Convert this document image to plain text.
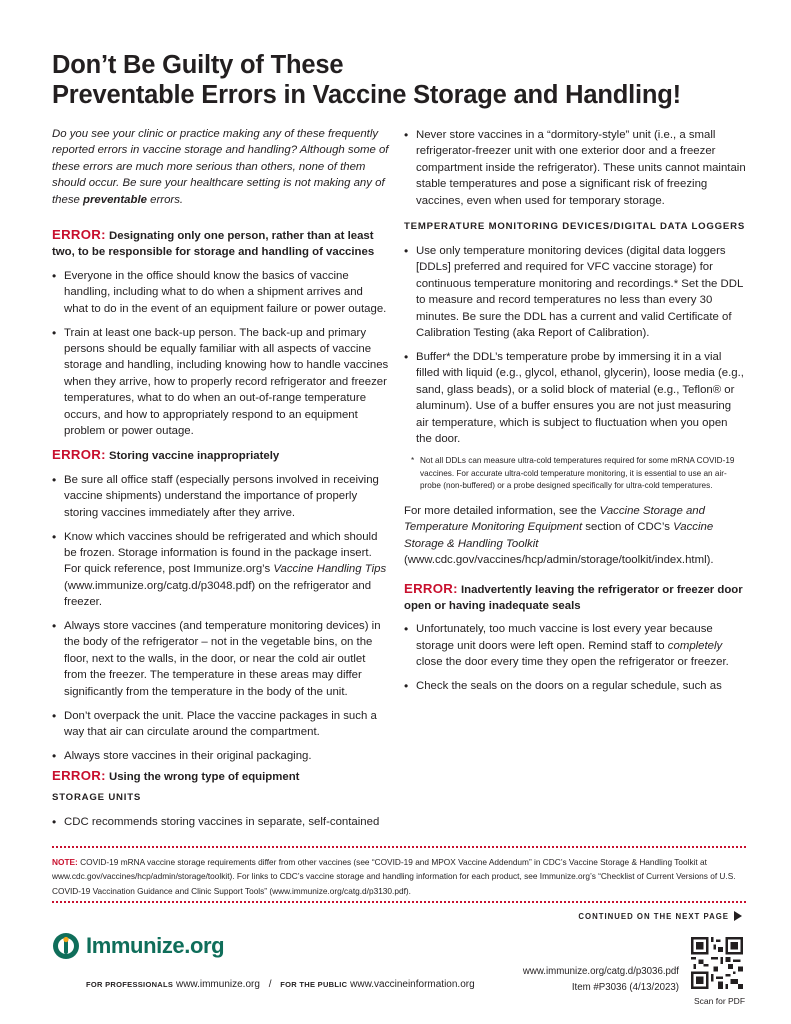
Don’t Be Guilty of These
Preventable Errors in Vaccine Storage and Handling!

Do you see your clinic or practice making any of these frequently reported errors in vaccine storage and handling? Although some of these errors are much more serious than others, none of them should occur. Be sure your healthcare setting is not making any of these preventable errors.

ERROR: Designating only one person, rather than at least two, to be responsible for storage and handling of vaccines

• Everyone in the office should know the basics of vaccine handling, including what to do when a shipment arrives and what to do in the event of an equipment failure or power outage.
• Train at least one back-up person. The back-up and primary persons should be equally familiar with all aspects of vaccine storage and handling, including knowing how to handle vaccines when they arrive, how to properly record refrigerator and freezer temperatures, what to do when an out-of-range temperature occurs, and how to appropriately respond to an equipment problem or power outage.

ERROR: Storing vaccine inappropriately

• Be sure all office staff (especially persons involved in receiving vaccine shipments) understand the importance of properly storing vaccines immediately after they arrive.
• Know which vaccines should be refrigerated and which should be frozen. Storage information is found in the package insert. For quick reference, post Immunize.org’s Vaccine Handling Tips (www.immunize.org/catg.d/p3048.pdf) on the refrigerator and freezer.
• Always store vaccines (and temperature monitoring devices) in the body of the refrigerator – not in the vegetable bins, on the floor, next to the walls, in the door, or near the cold air outlet from the freezer. The temperature in these areas may differ significantly from the temperature in the body of the unit.
• Don’t overpack the unit. Place the vaccine packages in such a way that air can circulate around the compartment.
• Always store vaccines in their original packaging.

ERROR: Using the wrong type of equipment

STORAGE UNITS

• CDC recommends storing vaccines in separate, self-contained

• Never store vaccines in a “dormitory-style” unit (i.e., a small refrigerator-freezer unit with one exterior door and a freezer compartment inside the refrigerator). These units cannot maintain stable temperatures and pose a significant risk of freezing vaccines, even when used for temporary storage.

TEMPERATURE MONITORING DEVICES/DIGITAL DATA LOGGERS

• Use only temperature monitoring devices (digital data loggers [DDLs] preferred and required for VFC vaccine storage) for continuous temperature monitoring and recordings.* Set the DDL to measure and record temperatures no less than every 30 minutes. Be sure the DDL has a current and valid Certificate of Calibration Testing (aka Report of Calibration).
• Buffer* the DDL’s temperature probe by immersing it in a vial filled with liquid (e.g., glycol, ethanol, glycerin), loose media (e.g., sand, glass beads), or a solid block of material (e.g., Teflon® or aluminum). Use of a buffer ensures you are not just measuring air temperature, which is subject to fluctuation when you open the door.

* Not all DDLs can measure ultra-cold temperatures required for some mRNA COVID-19 vaccines. For accurate ultra-cold temperature monitoring, it is essential to use an air-probe (non-buffered) or a probe designed specifically for ultra-cold temperatures.

For more detailed information, see the Vaccine Storage and Temperature Monitoring Equipment section of CDC’s Vaccine Storage & Handling Toolkit (www.cdc.gov/vaccines/hcp/admin/storage/toolkit/index.html).

ERROR: Inadvertently leaving the refrigerator or freezer door open or having inadequate seals

• Unfortunately, too much vaccine is lost every year because storage unit doors were left open. Remind staff to completely close the door every time they open the refrigerator or freezer.
• Check the seals on the doors on a regular schedule, such as

NOTE: COVID-19 mRNA vaccine storage requirements differ from other vaccines (see “COVID-19 and MPOX Vaccine Addendum” in CDC’s Vaccine Storage & Handling Toolkit at www.cdc.gov/vaccines/hcp/admin/storage/toolkit). For links to CDC’s vaccine storage and handling information for each product, see Immunize.org’s “Checklist of Current Versions of U.S. COVID-19 Vaccination Guidance and Clinic Support Tools” (www.immunize.org/catg.d/p3130.pdf).

CONTINUED ON THE NEXT PAGE
Immunize.org
FOR PROFESSIONALS www.immunize.org / FOR THE PUBLIC www.vaccineinformation.org
www.immunize.org/catg.d/p3036.pdf
Item #P3036 (4/13/2023)
Scan for PDF
